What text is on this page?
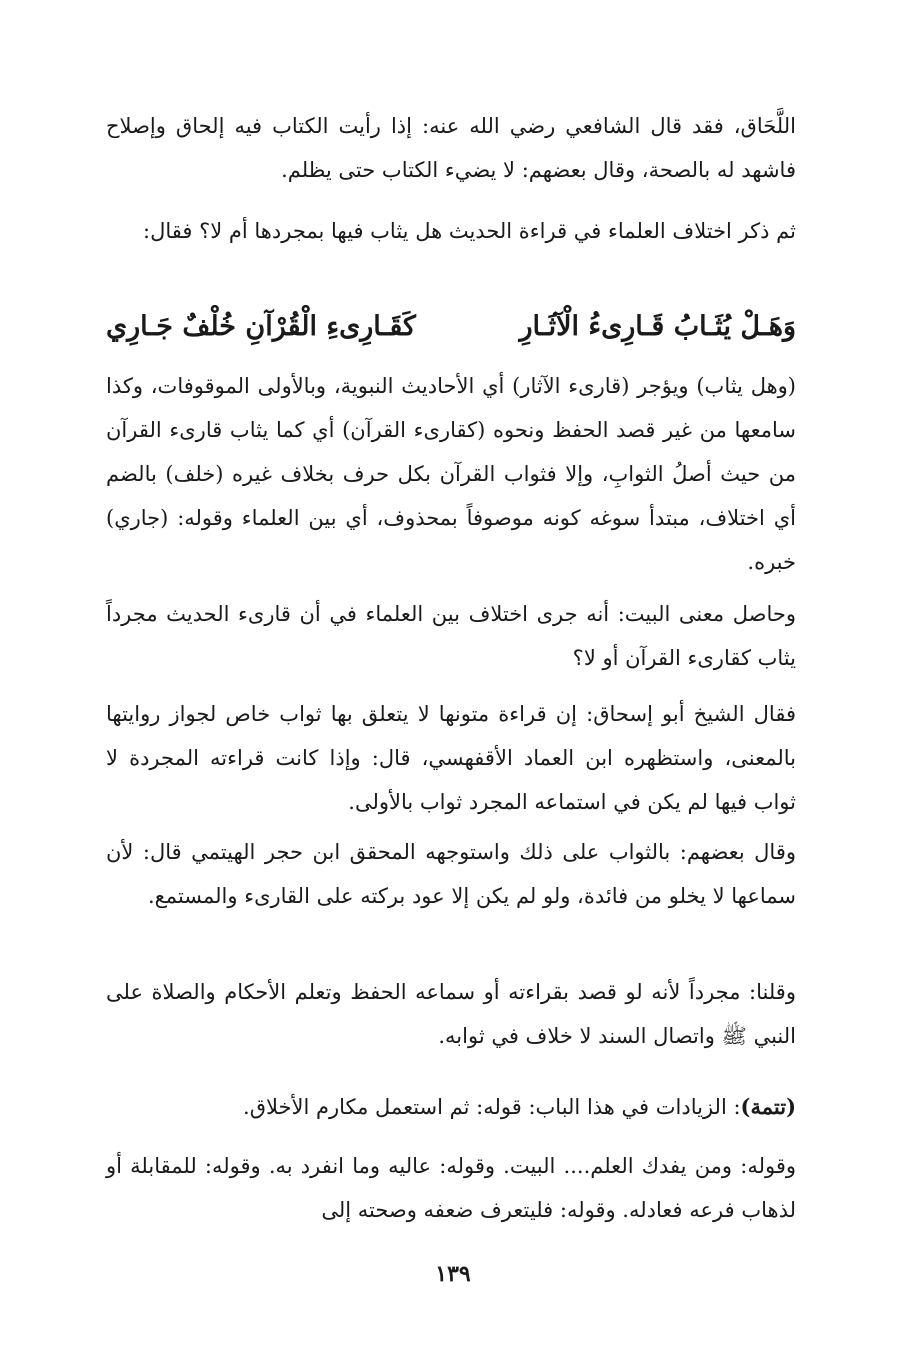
اللَّحَاق، فقد قال الشافعي رضي الله عنه: إذا رأيت الكتاب فيه إلحاق وإصلاح فاشهد له بالصحة، وقال بعضهم: لا يضيء الكتاب حتى يظلم.

ثم ذكر اختلاف العلماء في قراءة الحديث هل يثاب فيها بمجردها أم لا؟ فقال:

وَهَـلْ يُثَـابُ قَـارِىءُ الْآثَـارِ
كَقَـارِىءِ الْقُرْآنِ خُلْفٌ جَـارِي

(وهل يثاب) ويؤجر (قارىء الآثار) أي الأحاديث النبوية، وبالأولى الموقوفات، وكذا سامعها من غير قصد الحفظ ونحوه (كقارىء القرآن) أي كما يثاب قارىء القرآن من حيث أصلُ الثوابِ، وإلا فثواب القرآن بكل حرف بخلاف غيره (خلف) بالضم أي اختلاف، مبتدأ سوغه كونه موصوفاً بمحذوف، أي بين العلماء وقوله: (جاري) خبره.

وحاصل معنى البيت: أنه جرى اختلاف بين العلماء في أن قارىء الحديث مجرداً يثاب كقارىء القرآن أو لا؟

فقال الشيخ أبو إسحاق: إن قراءة متونها لا يتعلق بها ثواب خاص لجواز روايتها بالمعنى، واستظهره ابن العماد الأقفهسي، قال: وإذا كانت قراءته المجردة لا ثواب فيها لم يكن في استماعه المجرد ثواب بالأولى.

وقال بعضهم: بالثواب على ذلك واستوجهه المحقق ابن حجر الهيتمي قال: لأن سماعها لا يخلو من فائدة، ولو لم يكن إلا عود بركته على القارىء والمستمع.

وقلنا: مجرداً لأنه لو قصد بقراءته أو سماعه الحفظ وتعلم الأحكام والصلاة على النبي ﷺ واتصال السند لا خلاف في ثوابه.

(تتمة): الزيادات في هذا الباب: قوله: ثم استعمل مكارم الأخلاق.

وقوله: ومن يفدك العلم.... البيت. وقوله: عاليه وما انفرد به. وقوله: للمقابلة أو لذهاب فرعه فعادله. وقوله: فليتعرف ضعفه وصحته إلى

١٣٩
